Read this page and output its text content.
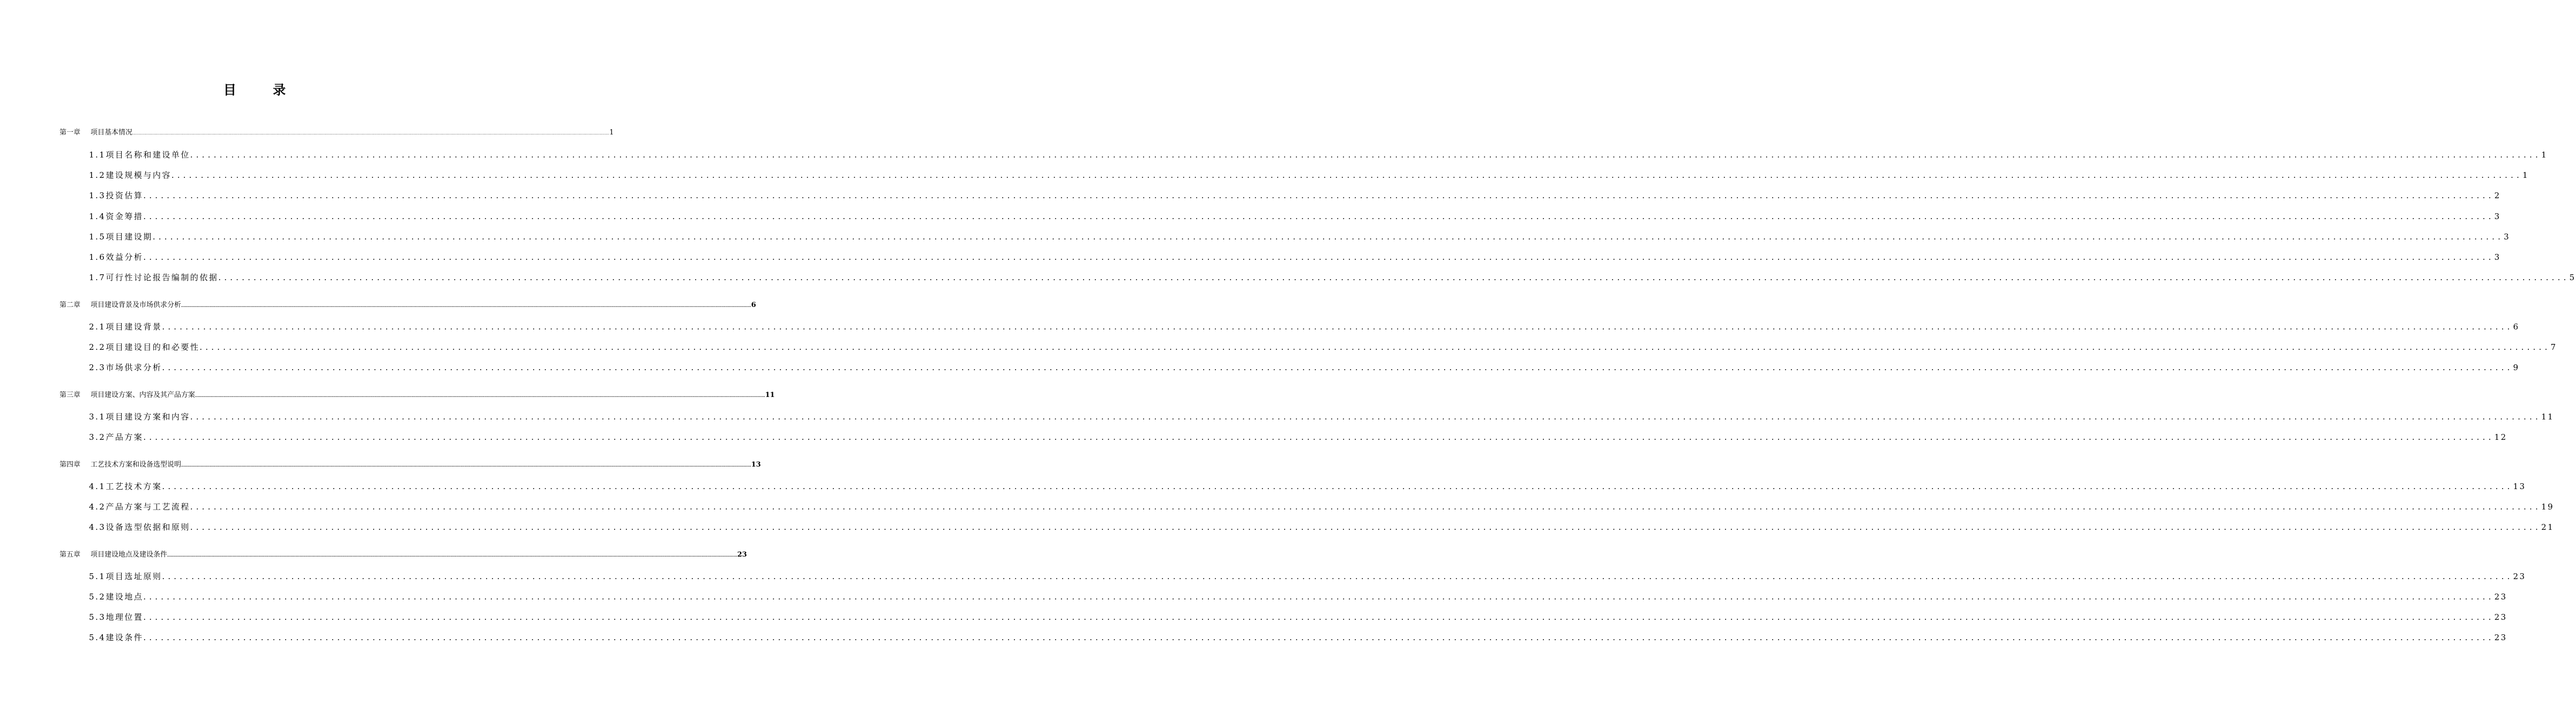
目 录
第一章 项目基本情况 ................................................................................................................................................................................................................................................................................................................................................................................................................ 1
1.1项目名称和建设单位 ................................................................................................................................................................................................................................................................................................................................................................................................................ 1
1.2建设规模与内容 ................................................................................................................................................................................................................................................................................................................................................................................................................ 1
1.3投资估算 ................................................................................................................................................................................................................................................................................................................................................................................................................ 2
1.4资金筹措 ................................................................................................................................................................................................................................................................................................................................................................................................................ 3
1.5项目建设期 ................................................................................................................................................................................................................................................................................................................................................................................................................ 3
1.6效益分析 ................................................................................................................................................................................................................................................................................................................................................................................................................ 3
1.7可行性讨论报告编制的依据 ................................................................................................................................................................................................................................................................................................................................................................................................................ 5
第二章 项目建设背景及市场供求分析 ................................................................................................................................................................................................................................................................................................................................................................................................................ 6
2.1项目建设背景 ................................................................................................................................................................................................................................................................................................................................................................................................................ 6
2.2项目建设目的和必要性 ................................................................................................................................................................................................................................................................................................................................................................................................................ 7
2.3市场供求分析 ................................................................................................................................................................................................................................................................................................................................................................................................................ 9
第三章 项目建设方案、内容及其产品方案 ................................................................................................................................................................................................................................................................................................................................................................................................................ 11
3.1项目建设方案和内容 ................................................................................................................................................................................................................................................................................................................................................................................................................ 11
3.2产品方案 ................................................................................................................................................................................................................................................................................................................................................................................................................ 12
第四章 工艺技术方案和设备选型说明 ................................................................................................................................................................................................................................................................................................................................................................................................................ 13
4.1工艺技术方案 ................................................................................................................................................................................................................................................................................................................................................................................................................ 13
4.2产品方案与工艺流程 ................................................................................................................................................................................................................................................................................................................................................................................................................ 19
4.3设备选型依据和原则 ................................................................................................................................................................................................................................................................................................................................................................................................................ 21
第五章 项目建设地点及建设条件 ................................................................................................................................................................................................................................................................................................................................................................................................................ 23
5.1项目选址原则 ................................................................................................................................................................................................................................................................................................................................................................................................................ 23
5.2建设地点 ................................................................................................................................................................................................................................................................................................................................................................................................................ 23
5.3地理位置 ................................................................................................................................................................................................................................................................................................................................................................................................................ 23
5.4建设条件 ................................................................................................................................................................................................................................................................................................................................................................................................................ 23
